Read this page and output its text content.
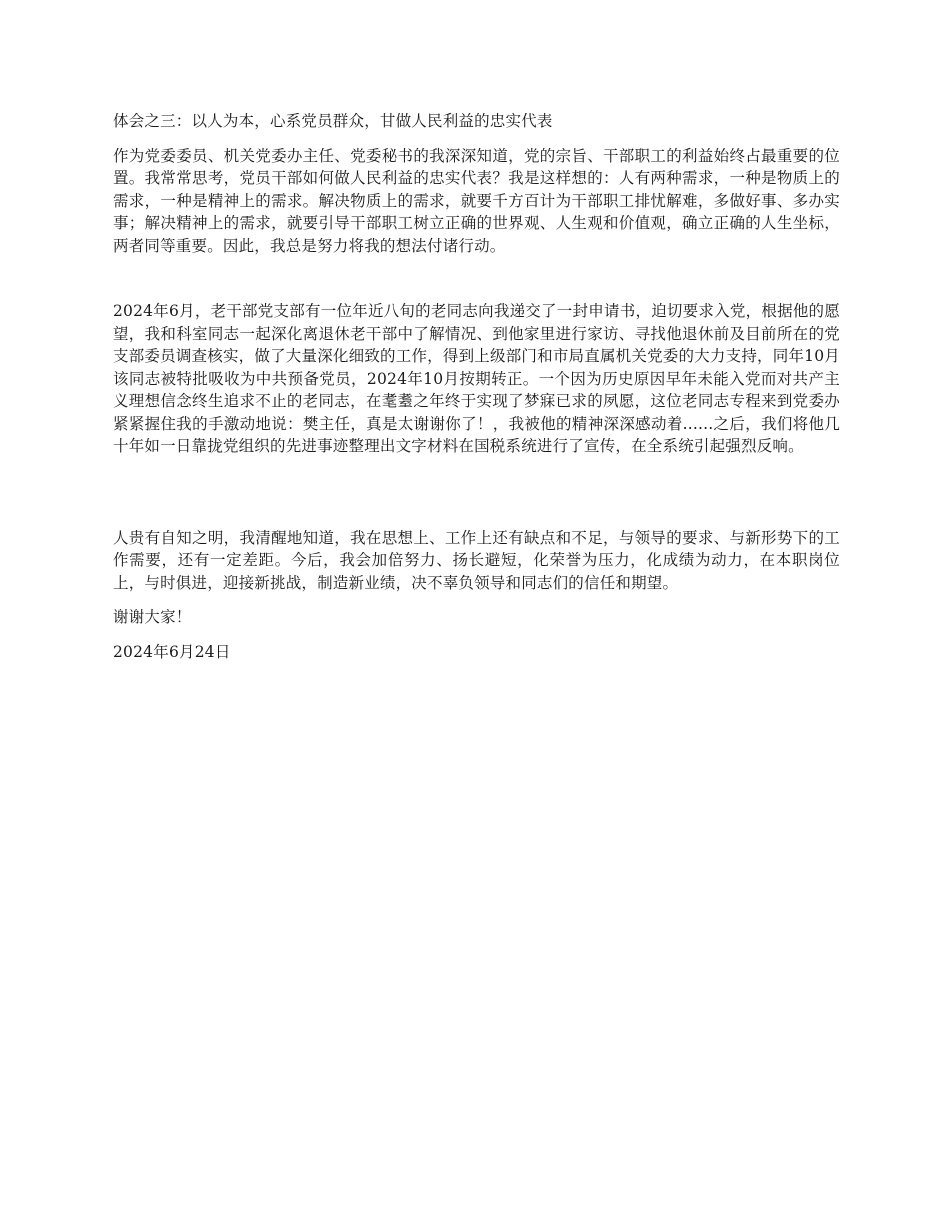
体会之三：以人为本，心系党员群众，甘做人民利益的忠实代表

作为党委委员、机关党委办主任、党委秘书的我深深知道，党的宗旨、干部职工的利益始终占最重要的位置。我常常思考，党员干部如何做人民利益的忠实代表？我是这样想的：人有两种需求，一种是物质上的需求，一种是精神上的需求。解决物质上的需求，就要千方百计为干部职工排忧解难，多做好事、多办实事；解决精神上的需求，就要引导干部职工树立正确的世界观、人生观和价值观，确立正确的人生坐标，两者同等重要。因此，我总是努力将我的想法付诸行动。

2024年6月，老干部党支部有一位年近八旬的老同志向我递交了一封申请书，迫切要求入党，根据他的愿望，我和科室同志一起深化离退休老干部中了解情况、到他家里进行家访、寻找他退休前及目前所在的党支部委员调查核实，做了大量深化细致的工作，得到上级部门和市局直属机关党委的大力支持，同年10月该同志被特批吸收为中共预备党员，2024年10月按期转正。一个因为历史原因早年未能入党而对共产主义理想信念终生追求不止的老同志，在耄耋之年终于实现了梦寐已求的夙愿，这位老同志专程来到党委办紧紧握住我的手激动地说：樊主任，真是太谢谢你了！，我被他的精神深深感动着......之后，我们将他几十年如一日靠拢党组织的先进事迹整理出文字材料在国税系统进行了宣传，在全系统引起强烈反响。

人贵有自知之明，我清醒地知道，我在思想上、工作上还有缺点和不足，与领导的要求、与新形势下的工作需要，还有一定差距。今后，我会加倍努力、扬长避短，化荣誉为压力，化成绩为动力，在本职岗位上，与时俱进，迎接新挑战，制造新业绩，决不辜负领导和同志们的信任和期望。

谢谢大家！

2024年6月24日
